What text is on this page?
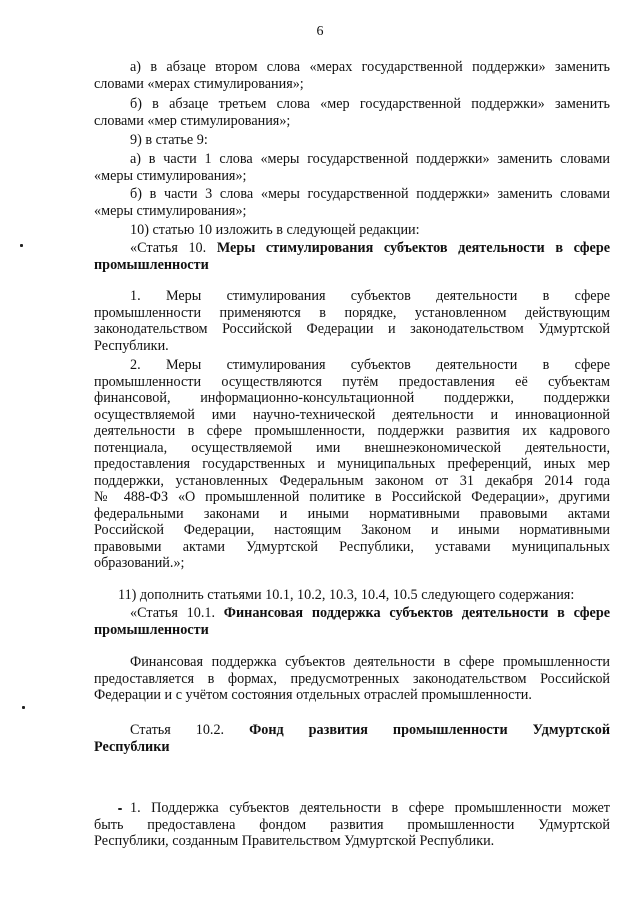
6
а) в абзаце втором слова «мерах государственной поддержки» заменить
словами «мерах стимулирования»;
б) в абзаце третьем слова «мер государственной поддержки» заменить
словами «мер стимулирования»;
9) в статье 9:
а) в части 1 слова «меры государственной поддержки» заменить словами
«меры стимулирования»;
б) в части 3 слова «меры государственной поддержки» заменить словами
«меры стимулирования»;
10) статью 10 изложить в следующей редакции:
«Статья 10. Меры стимулирования субъектов деятельности в сфере
промышленности
1. Меры стимулирования субъектов деятельности в сфере
промышленности применяются в порядке, установленном действующим
законодательством Российской Федерации и законодательством Удмуртской
Республики.
2. Меры стимулирования субъектов деятельности в сфере
промышленности осуществляются путём предоставления её субъектам
финансовой, информационно-консультационной поддержки, поддержки
осуществляемой ими научно-технической деятельности и инновационной
деятельности в сфере промышленности, поддержки развития их кадрового
потенциала, осуществляемой ими внешнеэкономической деятельности,
предоставления государственных и муниципальных преференций, иных мер
поддержки, установленных Федеральным законом от 31 декабря 2014 года
№ 488-ФЗ «О промышленной политике в Российской Федерации», другими
федеральными законами и иными нормативными правовыми актами
Российской Федерации, настоящим Законом и иными нормативными
правовыми актами Удмуртской Республики, уставами муниципальных
образований.»;
11) дополнить статьями 10.1, 10.2, 10.3, 10.4, 10.5 следующего содержания:
«Статья 10.1. Финансовая поддержка субъектов деятельности в сфере
промышленности
Финансовая поддержка субъектов деятельности в сфере промышленности
предоставляется в формах, предусмотренных законодательством Российской
Федерации и с учётом состояния отдельных отраслей промышленности.
Статья 10.2. Фонд развития промышленности Удмуртской
Республики
1. Поддержка субъектов деятельности в сфере промышленности может
быть предоставлена фондом развития промышленности Удмуртской
Республики, созданным Правительством Удмуртской Республики.
